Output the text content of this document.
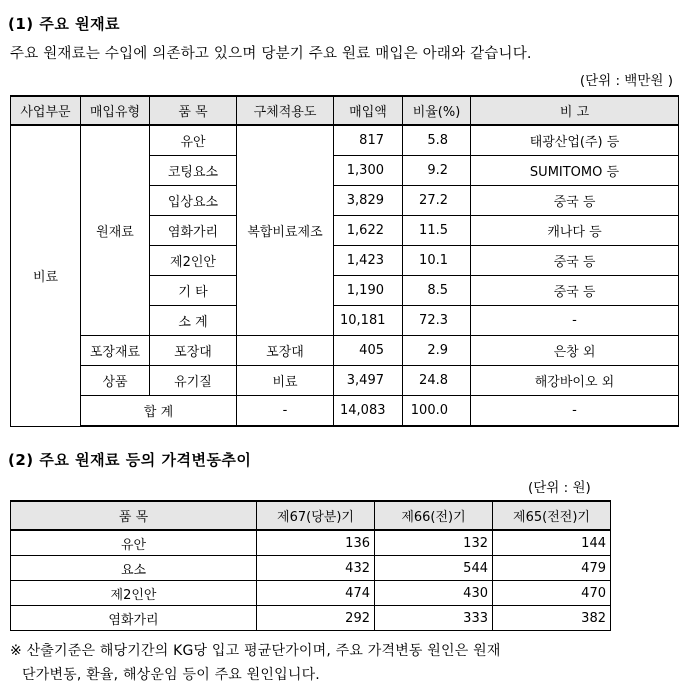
(1) 주요 원재료
주요 원재료는 수입에 의존하고 있으며 당분기 주요 원료 매입은 아래와 같습니다.
(단위 : 백만원 )
사업부문	매입유형	품 목	구체적용도	매입액	비율(%)	비 고
비료	원재료	유안	복합비료제조	817	5.8	태광산업(주) 등
		코팅요소		1,300	9.2	SUMITOMO 등
		입상요소		3,829	27.2	중국 등
		염화가리		1,622	11.5	캐나다 등
		제2인안		1,423	10.1	중국 등
		기 타		1,190	8.5	중국 등
		소 계		10,181	72.3	-
	포장재료	포장대	포장대	405	2.9	은창 외
	상품	유기질	비료	3,497	24.8	해강바이오 외
	합 계		-	14,083	100.0	-
(2) 주요 원재료 등의 가격변동추이
(단위 : 원)
품 목	제67(당분)기	제66(전)기	제65(전전)기
유안	136	132	144
요소	432	544	479
제2인안	474	430	470
염화가리	292	333	382
※ 산출기준은 해당기간의 KG당 입고 평균단가이며, 주요 가격변동 원인은 원재
단가변동, 환율, 해상운임 등이 주요 원인입니다.
